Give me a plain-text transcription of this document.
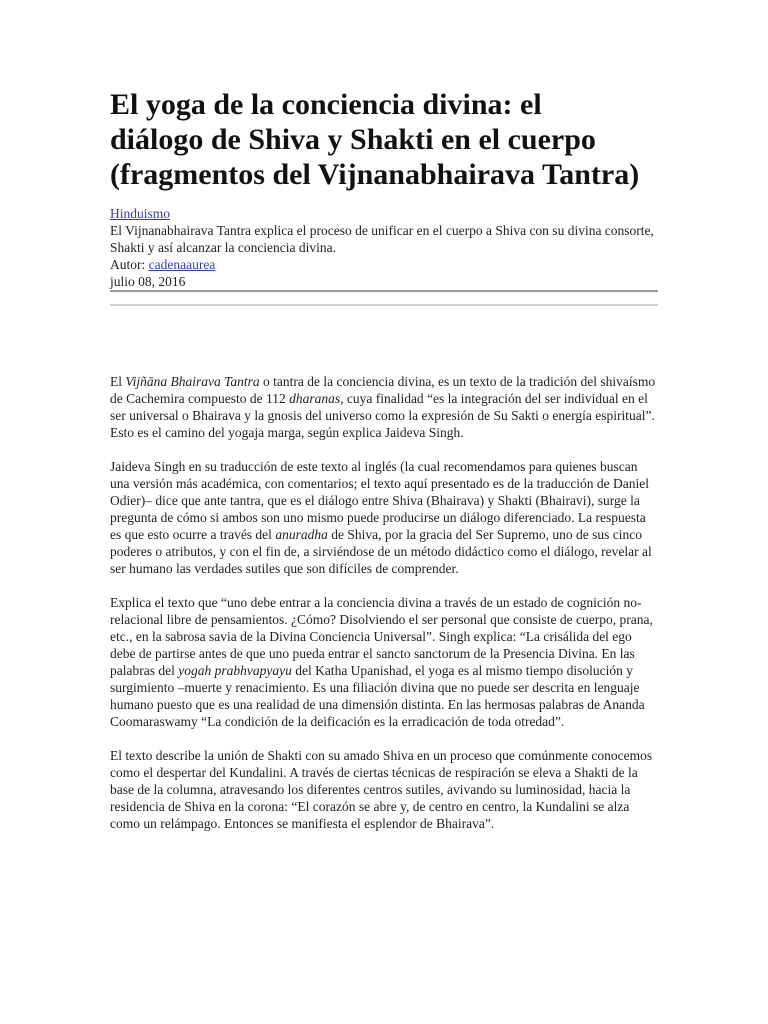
El yoga de la conciencia divina: el
diálogo de Shiva y Shakti en el cuerpo
(fragmentos del Vijnanabhairava Tantra)
Hinduismo
El Vijnanabhairava Tantra explica el proceso de unificar en el cuerpo a Shiva con su divina consorte, Shakti y así alcanzar la conciencia divina.
Autor: cadenaaurea
julio 08, 2016

El Vijñāna Bhairava Tantra o tantra de la conciencia divina, es un texto de la tradición del shivaísmo de Cachemira compuesto de 112 dharanas, cuya finalidad “es la integración del ser individual en el ser universal o Bhairava y la gnosis del universo como la expresión de Su Sakti o energía espiritual”. Esto es el camino del yogaja marga, según explica Jaideva Singh.

Jaideva Singh en su traducción de este texto al inglés (la cual recomendamos para quienes buscan una versión más académica, con comentarios; el texto aquí presentado es de la traducción de Daniel Odier)– dice que ante tantra, que es el diálogo entre Shiva (Bhairava) y Shakti (Bhairavi), surge la pregunta de cómo si ambos son uno mismo puede producirse un diálogo diferenciado. La respuesta es que esto ocurre a través del anuradha de Shiva, por la gracia del Ser Supremo, uno de sus cinco poderes o atributos, y con el fin de, a sirviéndose de un método didáctico como el diálogo, revelar al ser humano las verdades sutiles que son difíciles de comprender.

Explica el texto que “uno debe entrar a la conciencia divina a través de un estado de cognición no-relacional libre de pensamientos. ¿Cómo? Disolviendo el ser personal que consiste de cuerpo, prana, etc., en la sabrosa savia de la Divina Conciencia Universal”. Singh explica: “La crisálida del ego debe de partirse antes de que uno pueda entrar el sancto sanctorum de la Presencia Divina. En las palabras del yogah prabhvapyayu del Katha Upanishad, el yoga es al mismo tiempo disolución y surgimiento –muerte y renacimiento. Es una filiación divina que no puede ser descrita en lenguaje humano puesto que es una realidad de una dimensión distinta. En las hermosas palabras de Ananda Coomaraswamy “La condición de la deificación es la erradicación de toda otredad”.

El texto describe la unión de Shakti con su amado Shiva en un proceso que comúnmente conocemos como el despertar del Kundalini. A través de ciertas técnicas de respiración se eleva a Shakti de la base de la columna, atravesando los diferentes centros sutiles, avivando su luminosidad, hacia la residencia de Shiva en la corona: “El corazón se abre y, de centro en centro, la Kundalini se alza como un relámpago. Entonces se manifiesta el esplendor de Bhairava”.
